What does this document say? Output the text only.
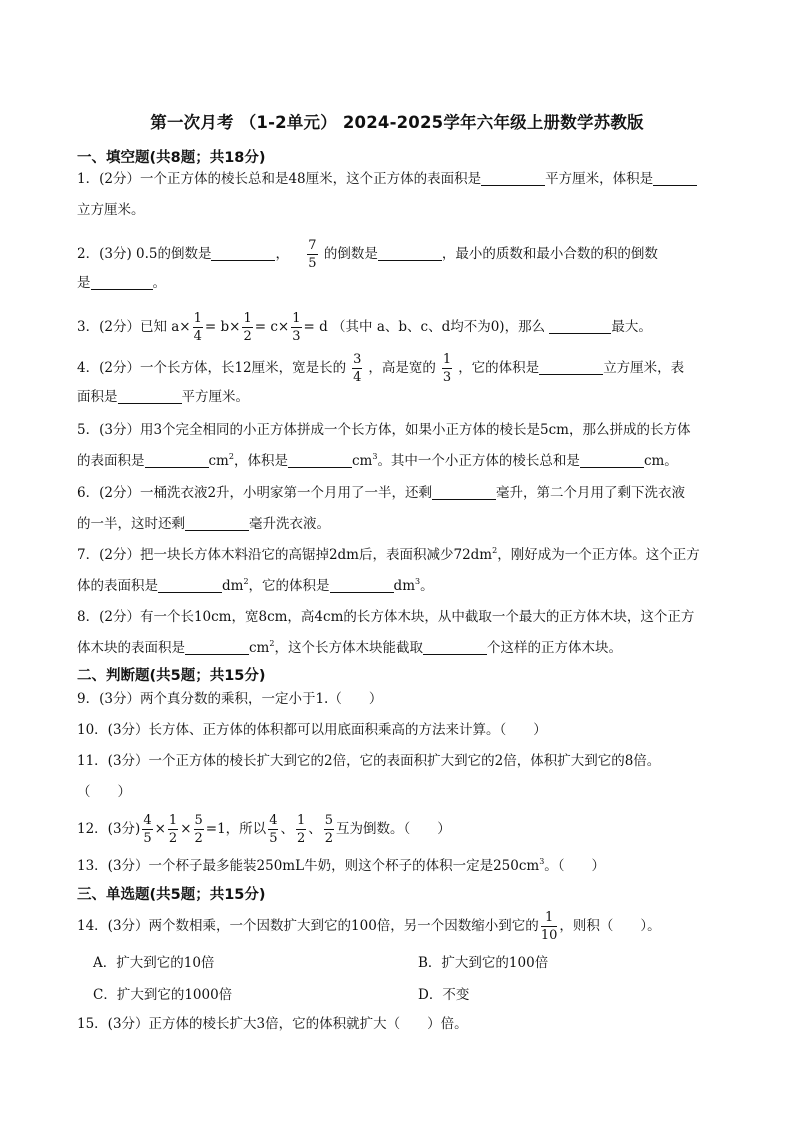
第一次月考 （1-2单元） 2024-2025学年六年级上册数学苏教版
一、填空题(共8题；共18分)
1．(2分）一个正方体的棱长总和是48厘米，这个正方体的表面积是	平方厘米，体积是
立方厘米。
2．(3分) 0.5的倒数是	， $\frac{7}{5}$ 的倒数是	，最小的质数和最小合数的积的倒数
是	。
3．(2分）已知 $a\times \frac{1}{4} = b\times \frac{1}{2} = c\times \frac{1}{3} = d$ （其中 a、b、c、d均不为0)，那么	最大。
4．(2分）一个长方体，长12厘米，宽是长的 $\frac{3}{4}$ ，高是宽的 $\frac{1}{3}$ ，它的体积是	立方厘米，表
面积是	平方厘米。
5．(3分）用3个完全相同的小正方体拼成一个长方体，如果小正方体的棱长是5cm，那么拼成的长方体
的表面积是	$cm^2$，体积是	$cm^3$。其中一个小正方体的棱长总和是	cm。
6．(2分）一桶洗衣液2升，小明家第一个月用了一半，还剩	毫升，第二个月用了剩下洗衣液
的一半，这时还剩	毫升洗衣液。
7．(2分）把一块长方体木料沿它的高锯掉2dm后，表面积减少$72dm^2$，刚好成为一个正方体。这个正方
体的表面积是	$dm^2$，它的体积是	$dm^3$。
8．(2分）有一个长10cm，宽8cm，高4cm的长方体木块，从中截取一个最大的正方体木块，这个正方
体木块的表面积是	$cm^2$，这个长方体木块能截取	个这样的正方体木块。
二、判断题(共5题；共15分)
9．(3分）两个真分数的乘积，一定小于1.（　　）
10．(3分）长方体、正方体的体积都可以用底面积乘高的方法来计算。（　　）
11．(3分）一个正方体的棱长扩大到它的2倍，它的表面积扩大到它的2倍，体积扩大到它的8倍。
（　　）
12．(3分) $\frac{4}{5} \times \frac{1}{2} \times \frac{5}{2} =1$，所以 $\frac{4}{5}$ 、 $\frac{1}{2}$ 、 $\frac{5}{2}$ 互为倒数。（　　）
13．(3分）一个杯子最多能装250mL牛奶，则这个杯子的体积一定是$250cm^3$。（　　）
三、单选题(共5题；共15分)
14．(3分）两个数相乘，一个因数扩大到它的100倍，另一个因数缩小到它的 $\frac{1}{10}$ ，则积（　　）。
A．扩大到它的10倍	B．扩大到它的100倍
C．扩大到它的1000倍	D．不变
15．(3分）正方体的棱长扩大3倍，它的体积就扩大（　　）倍。
